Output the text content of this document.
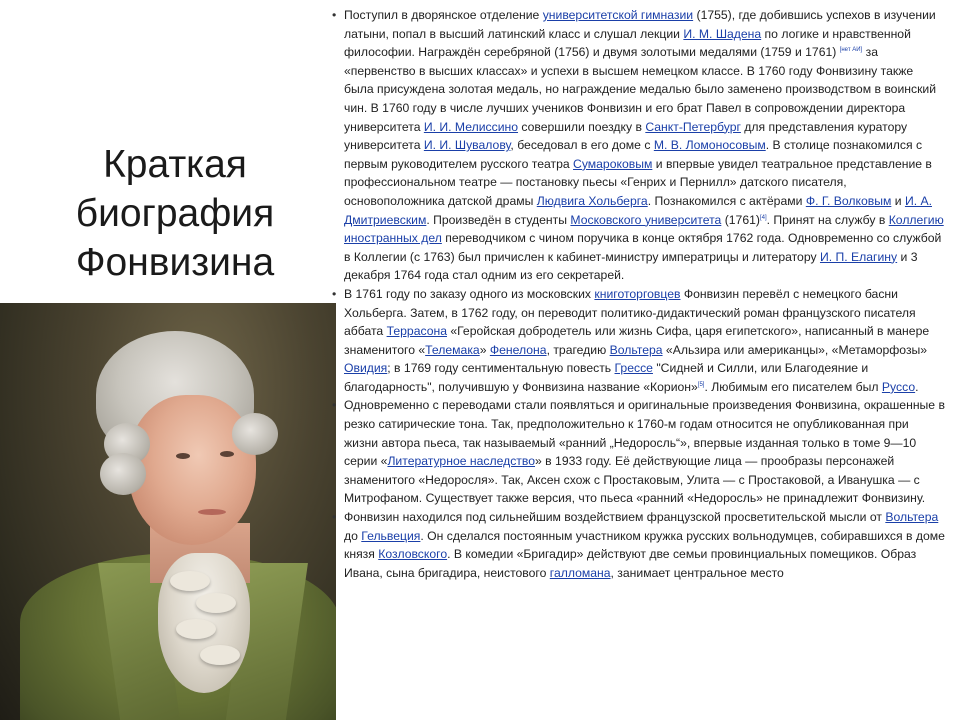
Краткая
биография
Фонвизина
• Поступил в дворянское отделение университетской гимназии (1755), где добившись успехов в изучении латыни, попал в высший латинский класс и слушал лекции И. М. Шадена по логике и нравственной философии. Награждён серебряной (1756) и двумя золотыми медалями (1759 и 1761) [нет АИ] за «первенство в высших классах» и успехи в высшем немецком классе. В 1760 году Фонвизину также была присуждена золотая медаль, но награждение медалью было заменено производством в воинский чин. В 1760 году в числе лучших учеников Фонвизин и его брат Павел в сопровождении директора университета И. И. Мелиссино совершили поездку в Санкт-Петербург для представления куратору университета И. И. Шувалову, беседовал в его доме с М. В. Ломоносовым. В столице познакомился с первым руководителем русского театра Сумароковым и впервые увидел театральное представление в профессиональном театре — постановку пьесы «Генрих и Пернилл» датского писателя, основоположника датской драмы Людвига Хольберга. Познакомился с актёрами Ф. Г. Волковым и И. А. Дмитриевским. Произведён в студенты Московского университета (1761)[4]. Принят на службу в Коллегию иностранных дел переводчиком с чином поручика в конце октября 1762 года. Одновременно со службой в Коллегии (с 1763) был причислен к кабинет-министру императрицы и литератору И. П. Елагину и 3 декабря 1764 года стал одним из его секретарей.
• В 1761 году по заказу одного из московских книготорговцев Фонвизин перевёл с немецкого басни Хольберга. Затем, в 1762 году, он переводит политико-дидактический роман французского писателя аббата Террасона «Геройская добродетель или жизнь Сифа, царя египетского», написанный в манере знаменитого «Телемака» Фенелона, трагедию Вольтера «Альзира или американцы», «Метаморфозы» Овидия; в 1769 году сентиментальную повесть Грессе "Сидней и Силли, или Благодеяние и благодарность", получившую у Фонвизина название «Корион»[5]. Любимым его писателем был Руссо.
• Одновременно с переводами стали появляться и оригинальные произведения Фонвизина, окрашенные в резко сатирические тона. Так, предположительно к 1760-м годам относится не опубликованная при жизни автора пьеса, так называемый «ранний „Недоросль“», впервые изданная только в томе 9—10 серии «Литературное наследство» в 1933 году. Её действующие лица — прообразы персонажей знаменитого «Недоросля». Так, Аксен схож с Простаковым, Улита — с Простаковой, а Иванушка — с Митрофаном. Существует также версия, что пьеса «ранний «Недоросль» не принадлежит Фонвизину.
• Фонвизин находился под сильнейшим воздействием французской просветительской мысли от Вольтера до Гельвеция. Он сделался постоянным участником кружка русских вольнодумцев, собиравшихся в доме князя Козловского. В комедии «Бригадир» действуют две семьи провинциальных помещиков. Образ Ивана, сына бригадира, неистового галломана, занимает центральное место
